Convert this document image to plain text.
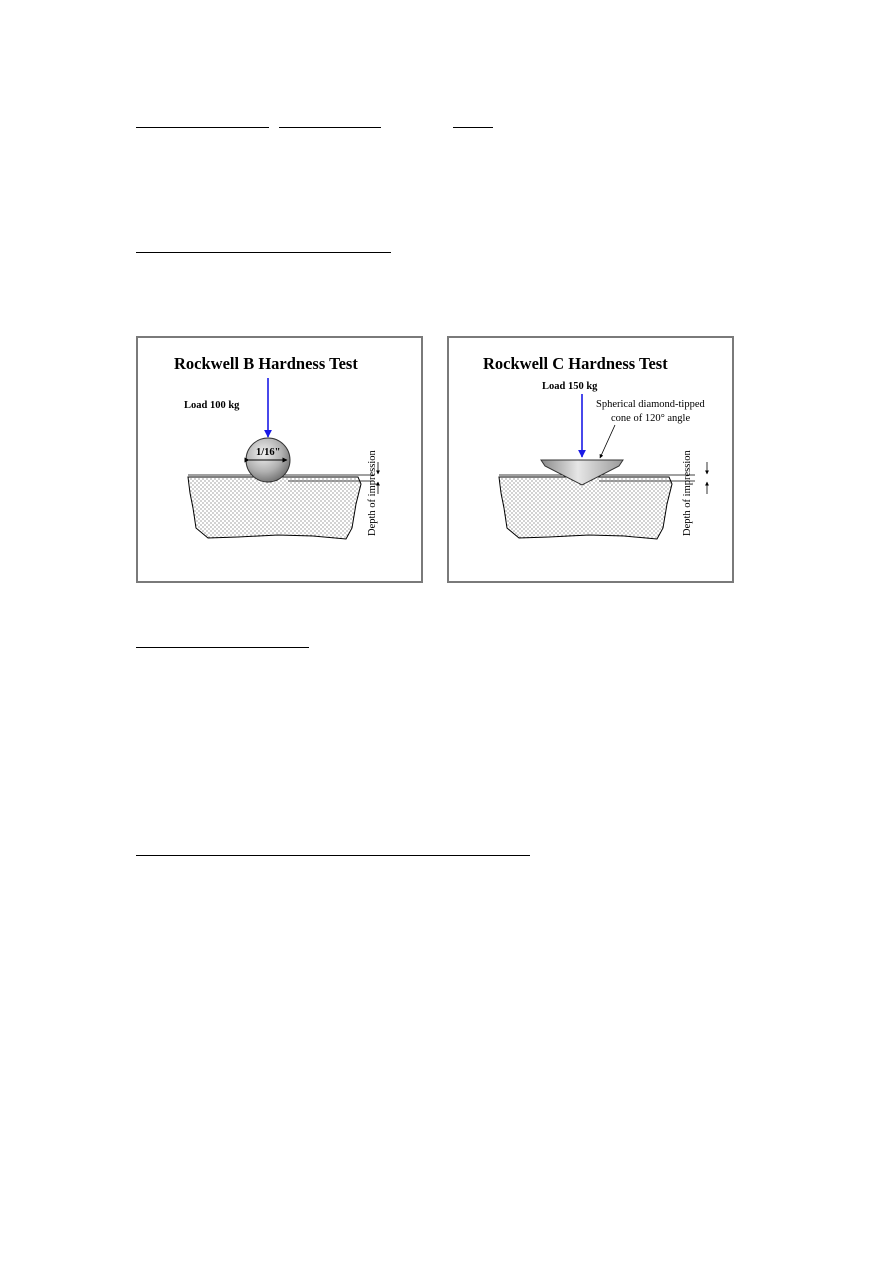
Rockwell B Hardness Test
Load 100 kg
1/16"	Depth of impression
Rockwell C Hardness Test
Load 150 kg
Spherical diamond-tipped
cone of 120° angle
Depth of impression
